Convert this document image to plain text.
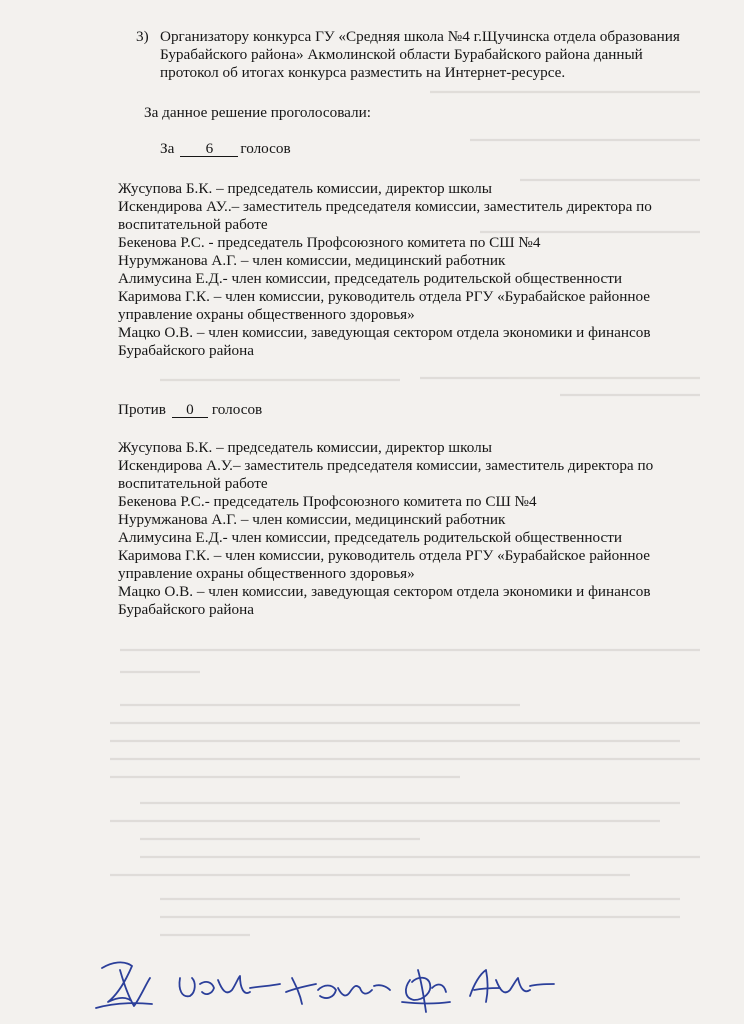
3) Организатору конкурса ГУ «Средняя школа №4 г.Щучинска отдела образования
Бурабайского района» Акмолинской области Бурабайского района данный
протокол об итогах конкурса разместить на Интернет-ресурсе.
За данное решение проголосовали:
За 6 голосов
Жусупова Б.К. – председатель комиссии, директор школы
Искендирова АУ..– заместитель председателя комиссии, заместитель директора по
воспитательной работе
Бекенова Р.С. - председатель Профсоюзного комитета по СШ №4
Нурумжанова А.Г. – член комиссии, медицинский работник
Алимусина Е.Д.- член комиссии, председатель родительской общественности
Каримова Г.К. – член комиссии, руководитель отдела РГУ «Бурабайское районное
управление охраны общественного здоровья»
Мацко О.В. – член комиссии, заведующая сектором отдела экономики и финансов
Бурабайского района
Против 0 голосов
Жусупова Б.К. – председатель комиссии, директор школы
Искендирова А.У.– заместитель председателя комиссии, заместитель директора по
воспитательной работе
Бекенова Р.С.- председатель Профсоюзного комитета по СШ №4
Нурумжанова А.Г. – член комиссии, медицинский работник
Алимусина Е.Д.- член комиссии, председатель родительской общественности
Каримова Г.К. – член комиссии, руководитель отдела РГУ «Бурабайское районное
управление охраны общественного здоровья»
Мацко О.В. – член комиссии, заведующая сектором отдела экономики и финансов
Бурабайского района
